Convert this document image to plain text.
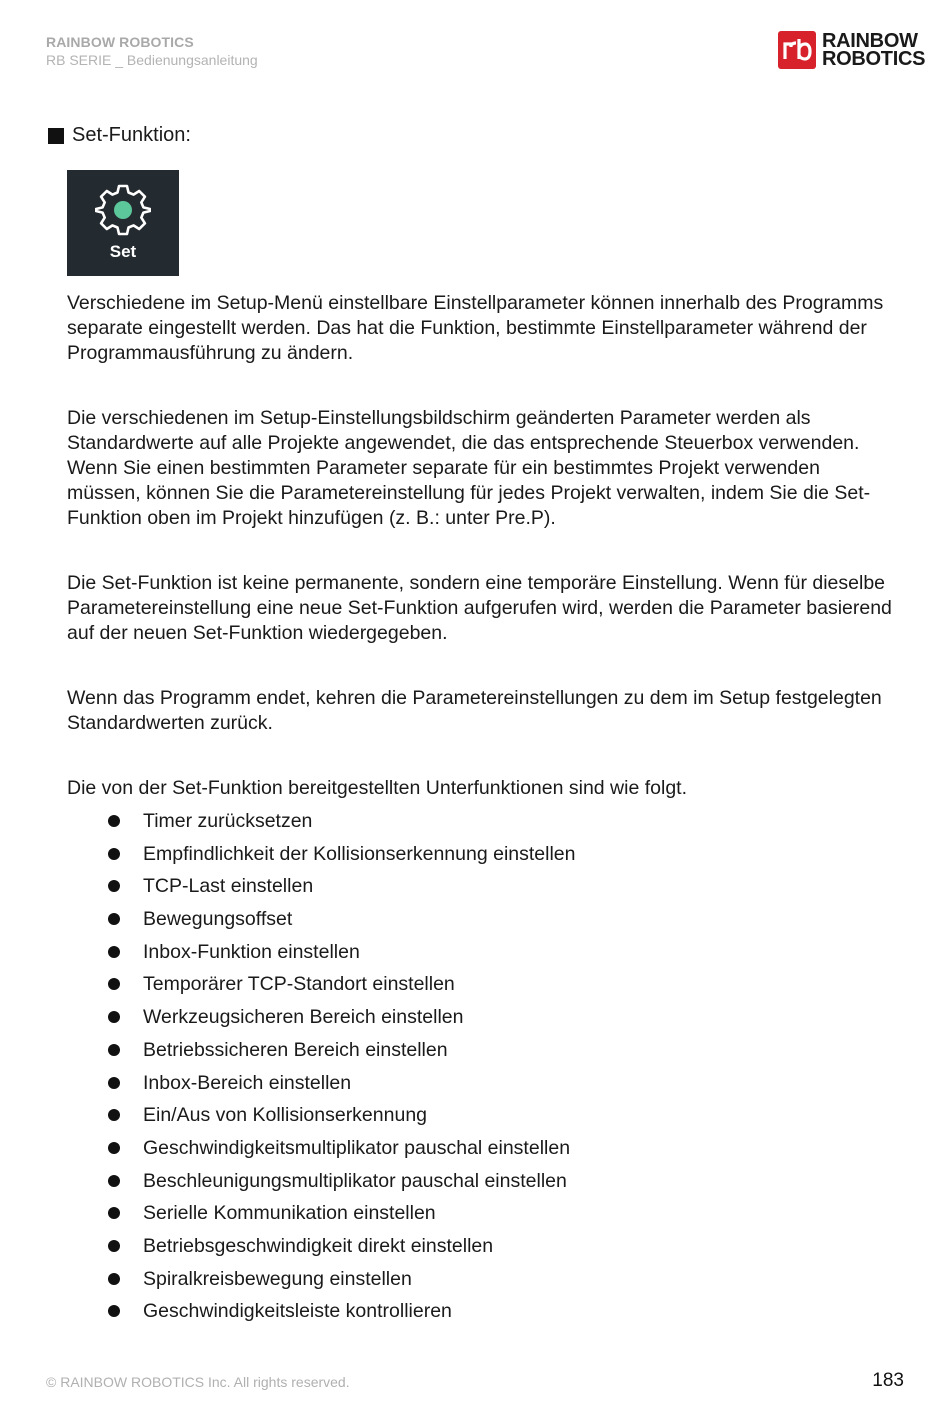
RAINBOW ROBOTICS
RB SERIE _ Bedienungsanleitung
RAINBOW
ROBOTICS
Set-Funktion:
Set

Verschiedene im Setup-Menü einstellbare Einstellparameter können innerhalb des Programms separate eingestellt werden. Das hat die Funktion, bestimmte Einstellparameter während der Programmausführung zu ändern.

Die verschiedenen im Setup-Einstellungsbildschirm geänderten Parameter werden als Standardwerte auf alle Projekte angewendet, die das entsprechende Steuerbox verwenden. Wenn Sie einen bestimmten Parameter separate für ein bestimmtes Projekt verwenden müssen, können Sie die Parametereinstellung für jedes Projekt verwalten, indem Sie die Set-Funktion oben im Projekt hinzufügen (z. B.: unter Pre.P).

Die Set-Funktion ist keine permanente, sondern eine temporäre Einstellung. Wenn für dieselbe Parametereinstellung eine neue Set-Funktion aufgerufen wird, werden die Parameter basierend auf der neuen Set-Funktion wiedergegeben.

Wenn das Programm endet, kehren die Parametereinstellungen zu dem im Setup festgelegten Standardwerten zurück.

Die von der Set-Funktion bereitgestellten Unterfunktionen sind wie folgt.

Timer zurücksetzen
Empfindlichkeit der Kollisionserkennung einstellen
TCP-Last einstellen
Bewegungsoffset
Inbox-Funktion einstellen
Temporärer TCP-Standort einstellen
Werkzeugsicheren Bereich einstellen
Betriebssicheren Bereich einstellen
Inbox-Bereich einstellen
Ein/Aus von Kollisionserkennung
Geschwindigkeitsmultiplikator pauschal einstellen
Beschleunigungsmultiplikator pauschal einstellen
Serielle Kommunikation einstellen
Betriebsgeschwindigkeit direkt einstellen
Spiralkreisbewegung einstellen
Geschwindigkeitsleiste kontrollieren
© RAINBOW ROBOTICS Inc. All rights reserved.	183
